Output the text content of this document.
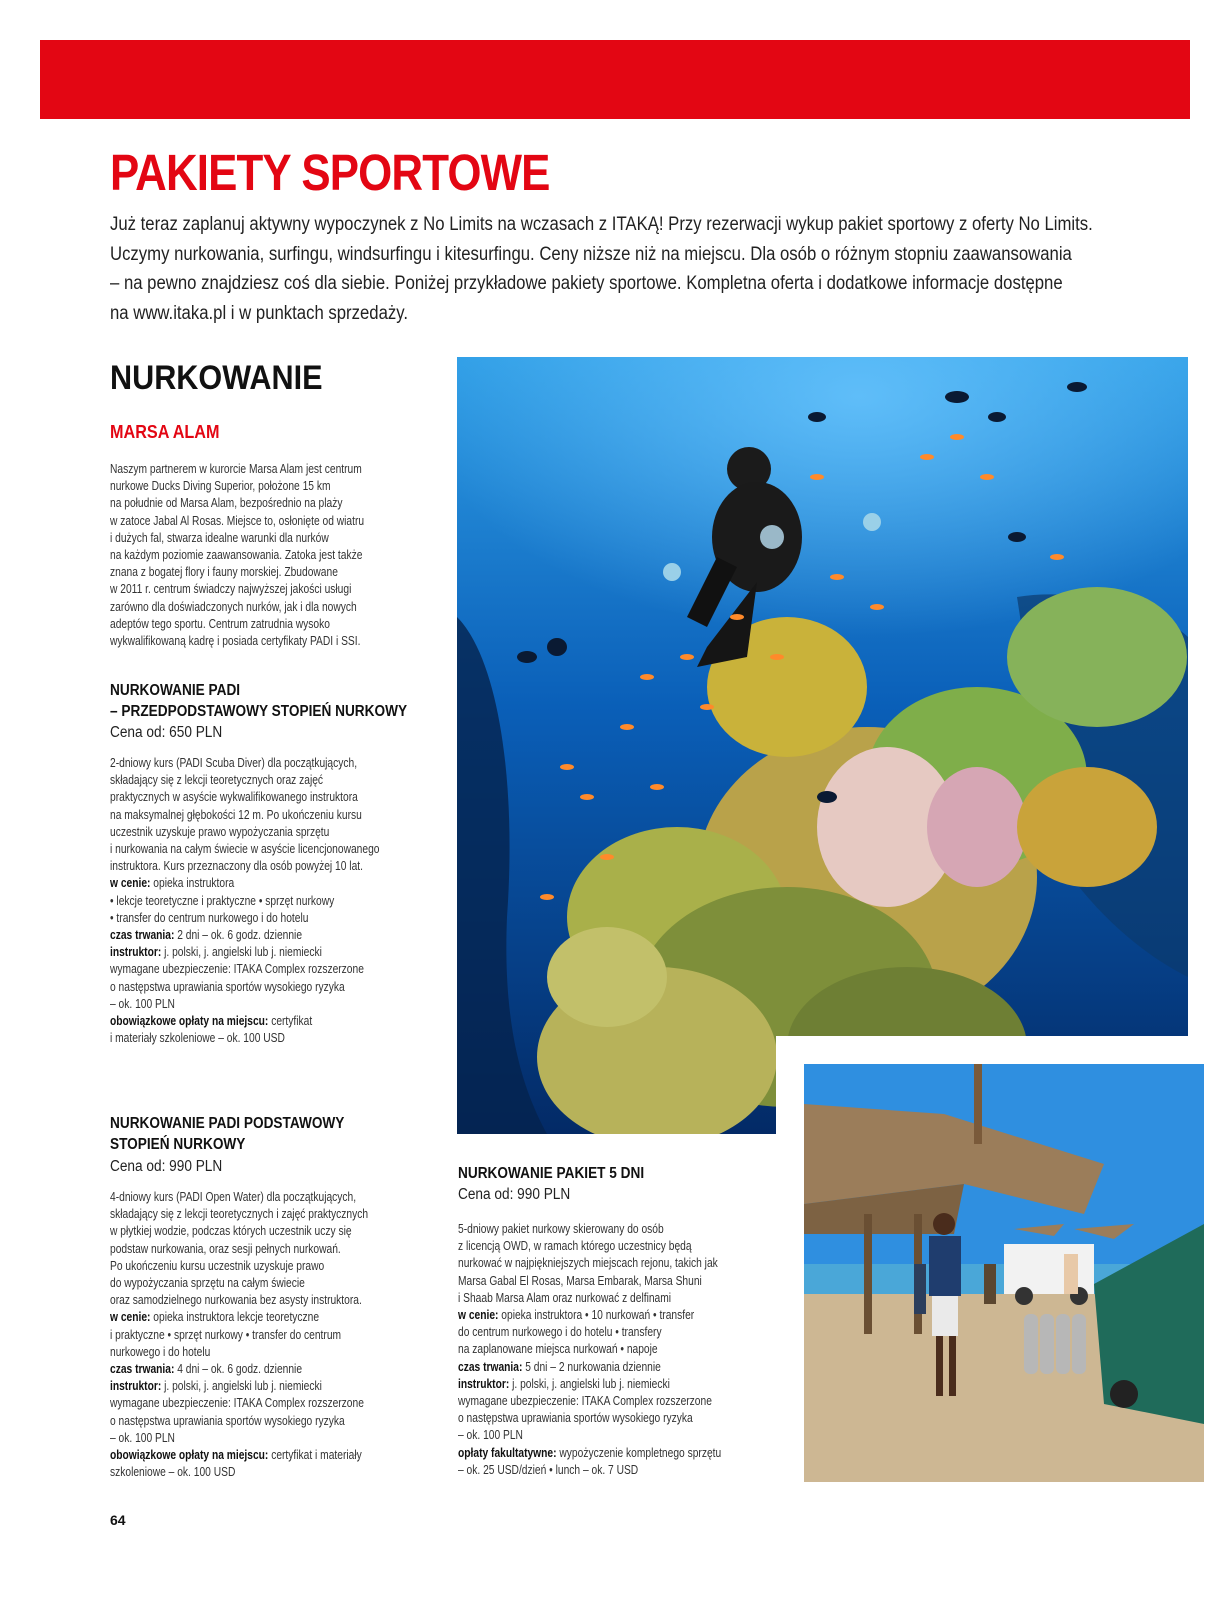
PAKIETY SPORTOWE

Już teraz zaplanuj aktywny wypoczynek z No Limits na wczasach z ITAKĄ! Przy rezerwacji wykup pakiet sportowy z oferty No Limits.

Uczymy nurkowania, surfingu, windsurfingu i kitesurfingu. Ceny niższe niż na miejscu. Dla osób o różnym stopniu zaawansowania

– na pewno znajdziesz coś dla siebie. Poniżej przykładowe pakiety sportowe. Kompletna oferta i dodatkowe informacje dostępne

na www.itaka.pl i w punktach sprzedaży.

NURKOWANIE
MARSA ALAM

Naszym partnerem w kurorcie Marsa Alam jest centrum

nurkowe Ducks Diving Superior, położone 15 km

na południe od Marsa Alam, bezpośrednio na plaży

w zatoce Jabal Al Rosas. Miejsce to, osłonięte od wiatru

i dużych fal, stwarza idealne warunki dla nurków

na każdym poziomie zaawansowania. Zatoka jest także

znana z bogatej flory i fauny morskiej. Zbudowane

w 2011 r. centrum świadczy najwyższej jakości usługi

zarówno dla doświadczonych nurków, jak i dla nowych

adeptów tego sportu. Centrum zatrudnia wysoko

wykwalifikowaną kadrę i posiada certyfikaty PADI i SSI.

NURKOWANIE PADI
– PRZEDPODSTAWOWY STOPIEŃ NURKOWY
Cena od: 650 PLN

2-dniowy kurs (PADI Scuba Diver) dla początkujących,

składający się z lekcji teoretycznych oraz zajęć

praktycznych w asyście wykwalifikowanego instruktora

na maksymalnej głębokości 12 m. Po ukończeniu kursu

uczestnik uzyskuje prawo wypożyczania sprzętu

i nurkowania na całym świecie w asyście licencjonowanego

instruktora. Kurs przeznaczony dla osób powyżej 10 lat.

w cenie: opieka instruktora

• lekcje teoretyczne i praktyczne • sprzęt nurkowy

• transfer do centrum nurkowego i do hotelu

czas trwania: 2 dni – ok. 6 godz. dziennie

instruktor: j. polski, j. angielski lub j. niemiecki

wymagane ubezpieczenie: ITAKA Complex rozszerzone

o następstwa uprawiania sportów wysokiego ryzyka

– ok. 100 PLN

obowiązkowe opłaty na miejscu: certyfikat

i materiały szkoleniowe – ok. 100 USD

NURKOWANIE PADI PODSTAWOWY
STOPIEŃ NURKOWY
Cena od: 990 PLN

4-dniowy kurs (PADI Open Water) dla początkujących,

składający się z lekcji teoretycznych i zajęć praktycznych

w płytkiej wodzie, podczas których uczestnik uczy się

podstaw nurkowania, oraz sesji pełnych nurkowań.

Po ukończeniu kursu uczestnik uzyskuje prawo

do wypożyczania sprzętu na całym świecie

oraz samodzielnego nurkowania bez asysty instruktora.

w cenie: opieka instruktora lekcje teoretyczne

i praktyczne • sprzęt nurkowy • transfer do centrum

nurkowego i do hotelu

czas trwania: 4 dni – ok. 6 godz. dziennie

instruktor: j. polski, j. angielski lub j. niemiecki

wymagane ubezpieczenie: ITAKA Complex rozszerzone

o następstwa uprawiania sportów wysokiego ryzyka

– ok. 100 PLN

obowiązkowe opłaty na miejscu: certyfikat i materiały

szkoleniowe – ok. 100 USD

NURKOWANIE PAKIET 5 DNI
Cena od: 990 PLN

5-dniowy pakiet nurkowy skierowany do osób

z licencją OWD, w ramach którego uczestnicy będą

nurkować w najpiękniejszych miejscach rejonu, takich jak

Marsa Gabal El Rosas, Marsa Embarak, Marsa Shuni

i Shaab Marsa Alam oraz nurkować z delfinami

w cenie: opieka instruktora • 10 nurkowań • transfer

do centrum nurkowego i do hotelu • transfery

na zaplanowane miejsca nurkowań • napoje

czas trwania: 5 dni – 2 nurkowania dziennie

instruktor: j. polski, j. angielski lub j. niemiecki

wymagane ubezpieczenie: ITAKA Complex rozszerzone

o następstwa uprawiania sportów wysokiego ryzyka

– ok. 100 PLN

opłaty fakultatywne: wypożyczenie kompletnego sprzętu

– ok. 25 USD/dzień • lunch – ok. 7 USD

64
